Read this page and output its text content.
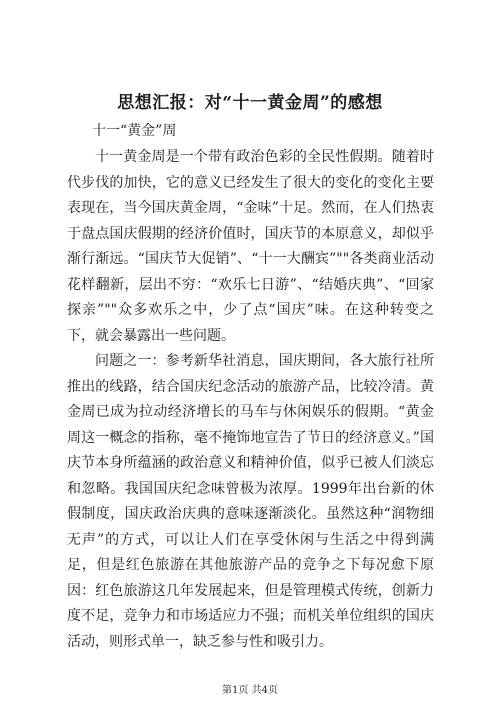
思想汇报：对“十一黄金周”的感想
十一“黄金”周

十一黄金周是一个带有政治色彩的全民性假期。随着时代步伐的加快，它的意义已经发生了很大的变化的变化主要表现在，当今国庆黄金周，“金味”十足。然而，在人们热衷于盘点国庆假期的经济价值时，国庆节的本原意义，却似乎渐行渐远。“国庆节大促销”、“十一大酬宾”""各类商业活动花样翻新，层出不穷：“欢乐七日游”、“结婚庆典”、“回家探亲”""众多欢乐之中，少了点“国庆”味。在这种转变之下，就会暴露出一些问题。

问题之一：参考新华社消息，国庆期间，各大旅行社所推出的线路，结合国庆纪念活动的旅游产品，比较冷清。黄金周已成为拉动经济增长的马车与休闲娱乐的假期。“黄金周这一概念的指称，毫不掩饰地宣告了节日的经济意义。”国庆节本身所蕴涵的政治意义和精神价值，似乎已被人们淡忘和忽略。我国国庆纪念味曾极为浓厚。1999年出台新的休假制度，国庆政治庆典的意味逐渐淡化。虽然这种“润物细无声”的方式，可以让人们在享受休闲与生活之中得到满足，但是红色旅游在其他旅游产品的竞争之下每况愈下原因：红色旅游这几年发展起来，但是管理模式传统，创新力度不足，竞争力和市场适应力不强；而机关单位组织的国庆活动，则形式单一，缺乏参与性和吸引力。

第1页 共4页
